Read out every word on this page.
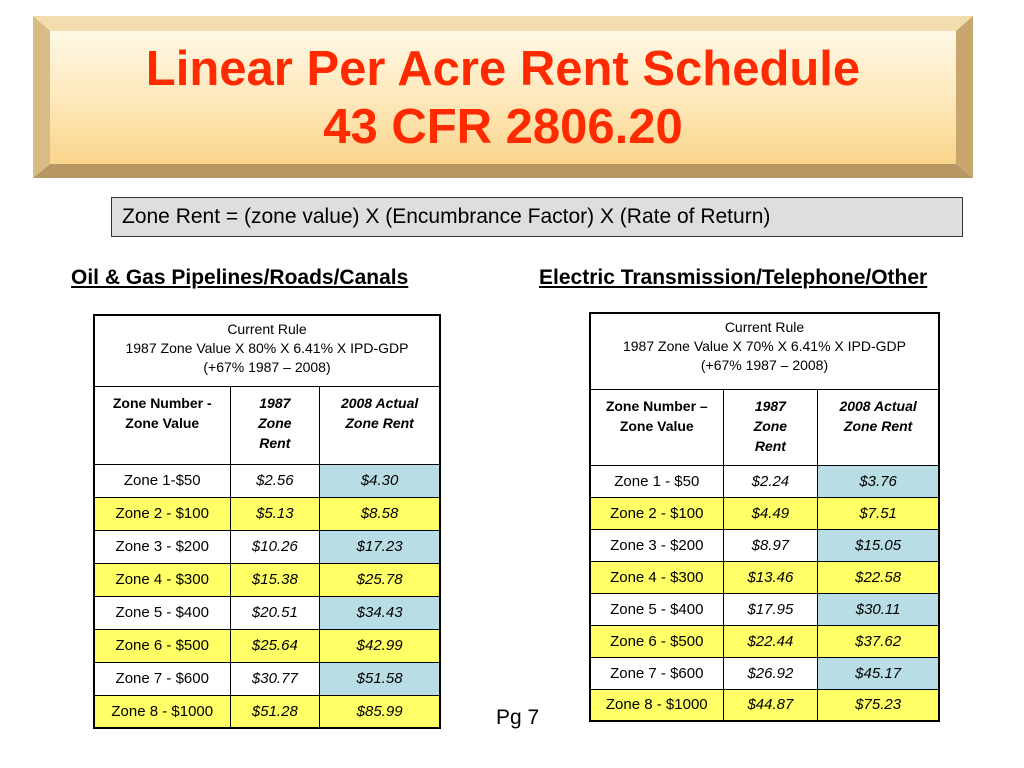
Linear Per Acre Rent Schedule
43 CFR 2806.20
Zone Rent = (zone value) X (Encumbrance Factor) X (Rate of Return)
Oil & Gas Pipelines/Roads/Canals	Electric Transmission/Telephone/Other
Current Rule
1987 Zone Value X 80% X 6.41% X IPD-GDP (+67% 1987 – 2008)		

Zone Number - Zone Value	1987 Zone Rent	2008 Actual Zone Rent
Zone 1-$50	$2.56	$4.30
Zone 2 - $100	$5.13	$8.58
Zone 3 - $200	$10.26	$17.23
Zone 4 - $300	$15.38	$25.78
Zone 5 - $400	$20.51	$34.43
Zone 6 - $500	$25.64	$42.99
Zone 7 - $600	$30.77	$51.58
Zone 8 - $1000	$51.28	$85.99
Current Rule
1987 Zone Value X 70% X 6.41% X IPD-GDP (+67% 1987 – 2008)		

Zone Number – Zone Value	1987 Zone Rent	2008 Actual Zone Rent
Zone 1 - $50	$2.24	$3.76
Zone 2 - $100	$4.49	$7.51
Zone 3 - $200	$8.97	$15.05
Zone 4 - $300	$13.46	$22.58
Zone 5 - $400	$17.95	$30.11
Zone 6 - $500	$22.44	$37.62
Zone 7 - $600	$26.92	$45.17
Zone 8 - $1000	$44.87	$75.23
Pg 7
